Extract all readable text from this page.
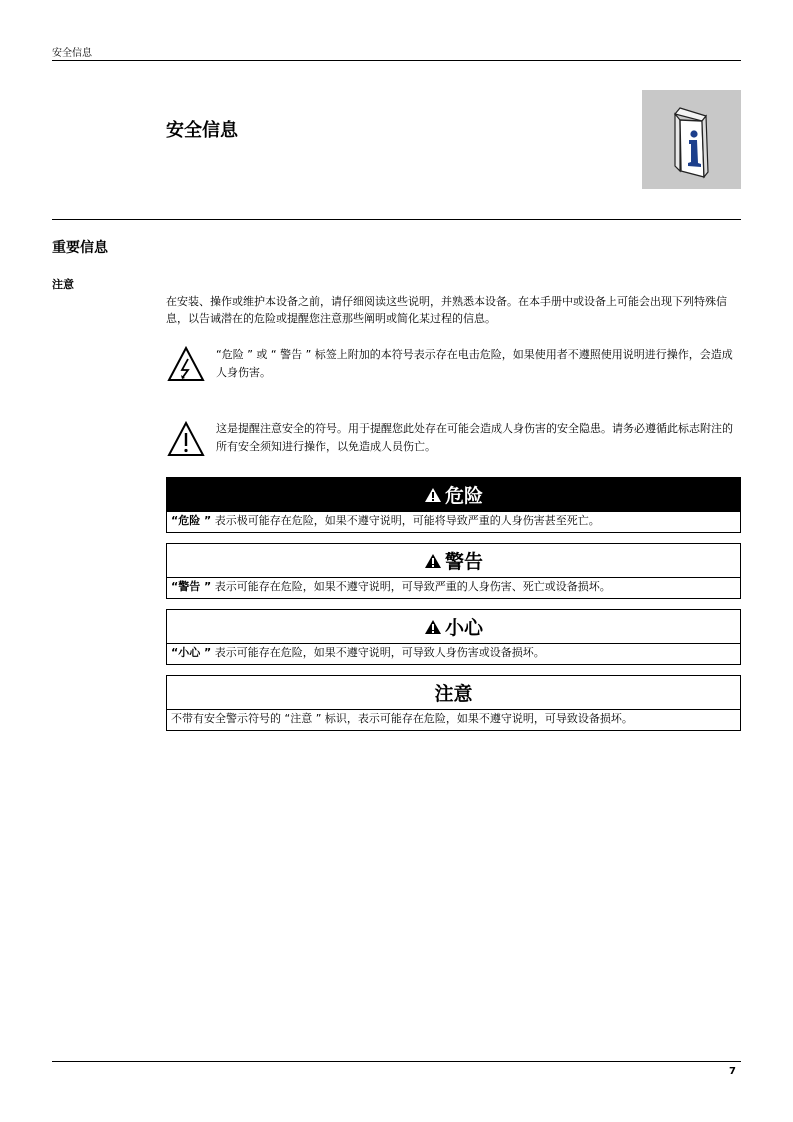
安全信息
安全信息
重要信息
注意
在安装、操作或维护本设备之前，请仔细阅读这些说明，并熟悉本设备。在本手册中或设备上可能会出现下列特殊信息，以告诫潜在的危险或提醒您注意那些阐明或简化某过程的信息。
“危险 ” 或 “ 警告 ” 标签上附加的本符号表示存在电击危险，如果使用者不遵照使用说明进行操作，会造成人身伤害。
这是提醒注意安全的符号。用于提醒您此处存在可能会造成人身伤害的安全隐患。请务必遵循此标志附注的所有安全须知进行操作，以免造成人员伤亡。
危险
“危险 ” 表示极可能存在危险，如果不遵守说明，可能将导致严重的人身伤害甚至死亡。
警告
“警告 ” 表示可能存在危险，如果不遵守说明，可导致严重的人身伤害、死亡或设备损坏。
小心
“小心 ” 表示可能存在危险，如果不遵守说明，可导致人身伤害或设备损坏。
注意
不带有安全警示符号的 “注意 ” 标识，表示可能存在危险，如果不遵守说明，可导致设备损坏。
7
